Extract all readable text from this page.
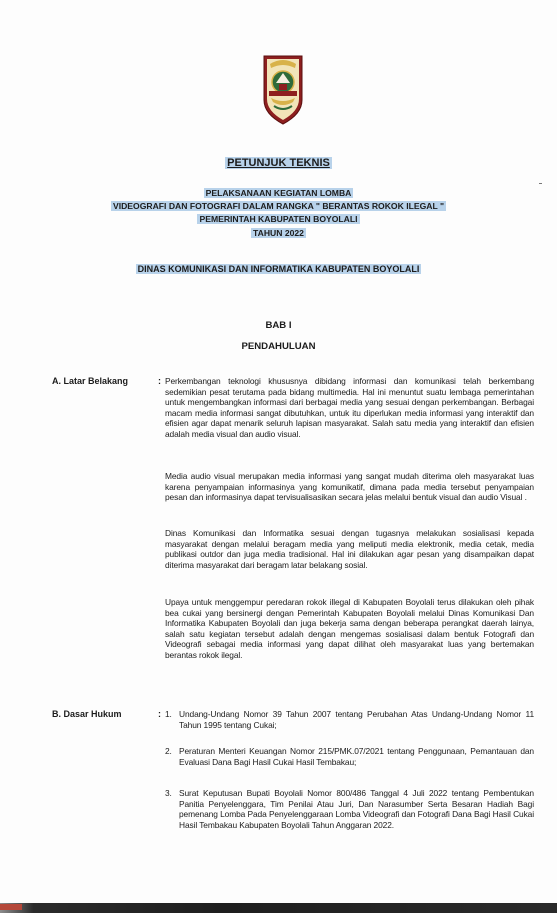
PETUNJUK TEKNIS
PELAKSANAAN KEGIATAN LOMBA
VIDEOGRAFI DAN FOTOGRAFI DALAM RANGKA " BERANTAS ROKOK ILEGAL "
PEMERINTAH KABUPATEN BOYOLALI
TAHUN 2022
DINAS KOMUNIKASI DAN INFORMATIKA KABUPATEN BOYOLALI
BAB I
PENDAHULUAN
A. Latar Belakang	: Perkembangan teknologi khususnya dibidang informasi dan komunikasi telah berkembang sedemikian pesat terutama pada bidang multimedia. Hal ini menuntut suatu lembaga pemerintahan untuk mengembangkan informasi dari berbagai media yang sesuai dengan perkembangan. Berbagai macam media informasi sangat dibutuhkan, untuk itu diperlukan media informasi yang interaktif dan efisien agar dapat menarik seluruh lapisan masyarakat. Salah satu media yang interaktif dan efisien adalah media visual dan audio visual.
Media audio visual merupakan media informasi yang sangat mudah diterima oleh masyarakat luas karena penyampaian informasinya yang komunikatif, dimana pada media tersebut penyampaian pesan dan informasinya dapat tervisualisasikan secara jelas melalui bentuk visual dan audio Visual .
Dinas Komunikasi dan Informatika sesuai dengan tugasnya melakukan sosialisasi kepada masyarakat dengan melalui beragam media yang meliputi media elektronik, media cetak, media publikasi outdor dan juga media tradisional. Hal ini dilakukan agar pesan yang disampaikan dapat diterima masyarakat dari beragam latar belakang sosial.
Upaya untuk menggempur peredaran rokok illegal di Kabupaten Boyolali terus dilakukan oleh pihak bea cukai yang bersinergi dengan Pemerintah Kabupaten Boyolali melalui Dinas Komunikasi Dan Informatika Kabupaten Boyolali dan juga bekerja sama dengan beberapa perangkat daerah lainya, salah satu kegiatan tersebut adalah dengan mengemas sosialisasi dalam bentuk Fotografi dan Videografi sebagai media informasi yang dapat dilihat oleh masyarakat luas yang bertemakan berantas rokok ilegal.
B. Dasar Hukum	: 1. Undang-Undang Nomor 39 Tahun 2007 tentang Perubahan Atas Undang-Undang Nomor 11 Tahun 1995 tentang Cukai;
2. Peraturan Menteri Keuangan Nomor 215/PMK.07/2021 tentang Penggunaan, Pemantauan dan Evaluasi Dana Bagi Hasil Cukai Hasil Tembakau;
3. Surat Keputusan Bupati Boyolali Nomor 800/486 Tanggal 4 Juli 2022 tentang Pembentukan Panitia Penyelenggara, Tim Penilai Atau Juri, Dan Narasumber Serta Besaran Hadiah Bagi pemenang Lomba Pada Penyelenggaraan Lomba Videografi dan Fotografi Dana Bagi Hasil Cukai Hasil Tembakau Kabupaten Boyolali Tahun Anggaran 2022.
